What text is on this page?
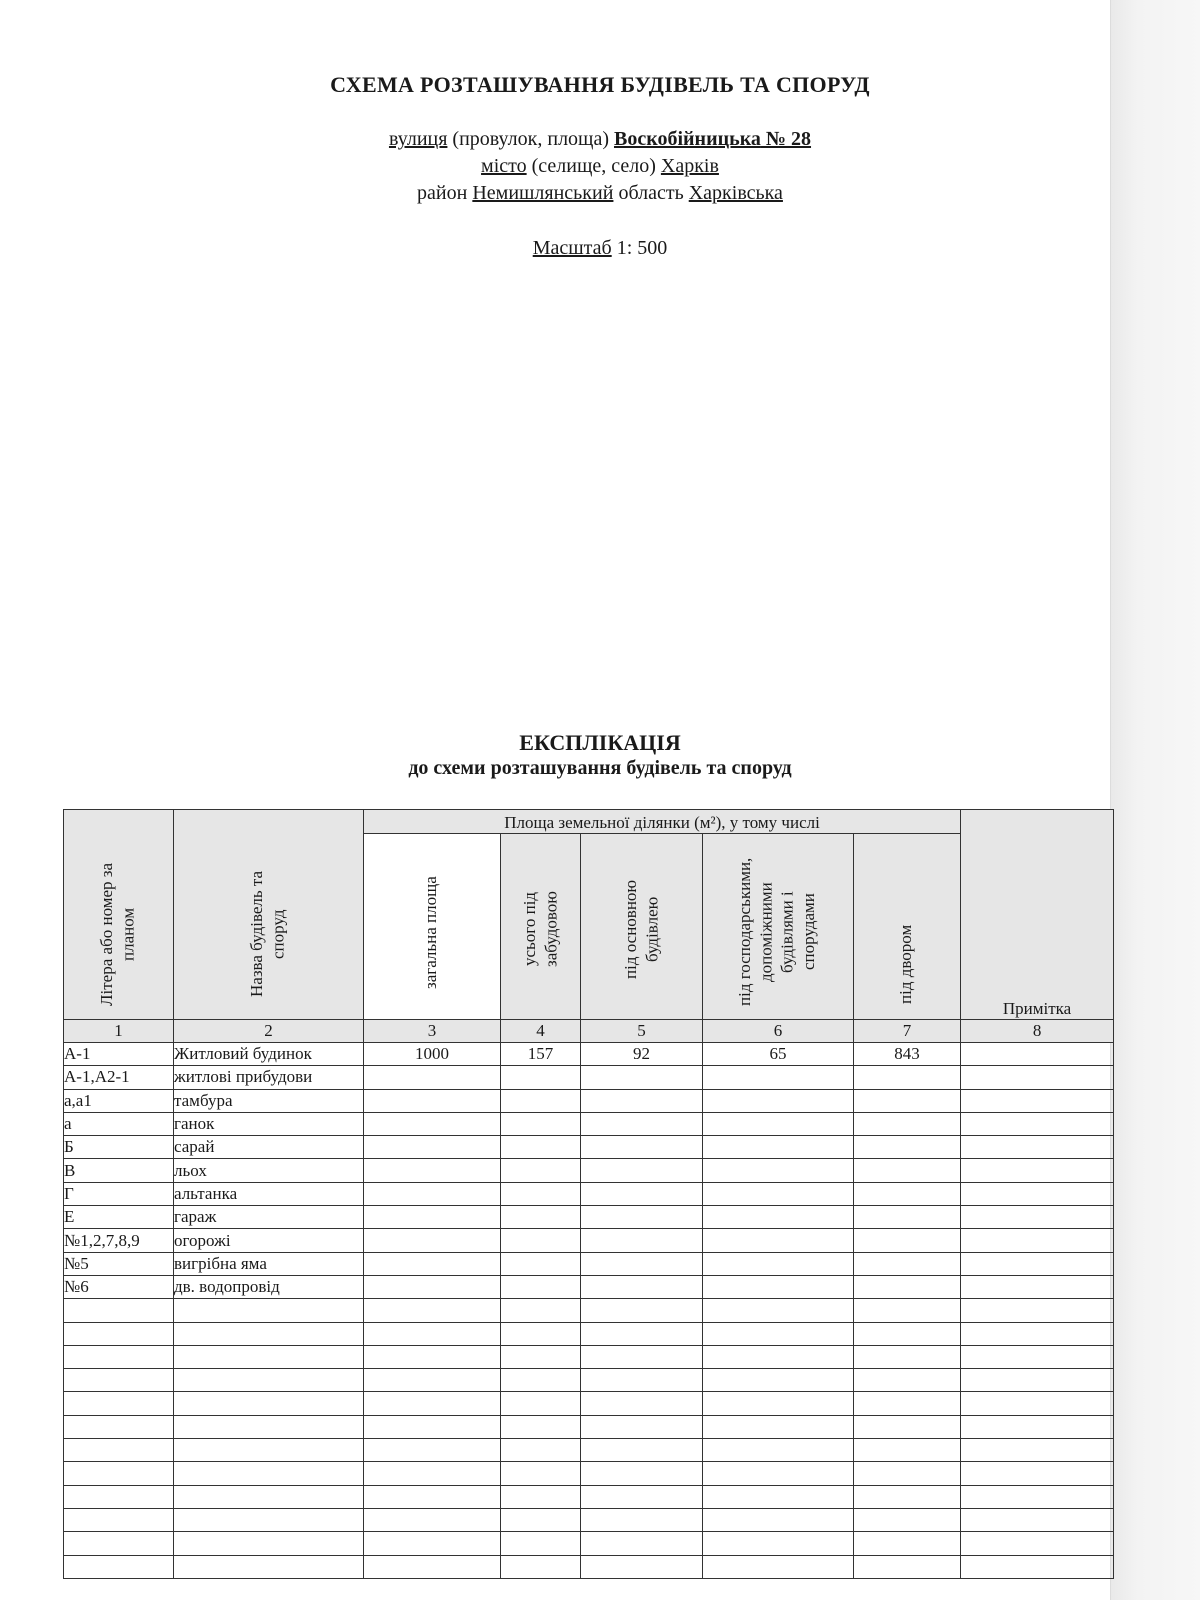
СХЕМА РОЗТАШУВАННЯ БУДІВЕЛЬ ТА СПОРУД
вулиця (провулок, площа) Воскобійницька № 28
місто (селище, село) Харків
район Немишлянський область Харківська
Масштаб 1: 500
ЕКСПЛІКАЦІЯ
до схеми розташування будівель та споруд
Літера або номер за планом	Назва будівель та споруд	Площа земельної ділянки (м²), у тому числі					Примітка

		загальна площа	усього під забудовою	під основною будівлею	під господарськими, допоміжними будівлями і спорудами	під двором	

1	2	3	4	5	6	7	8
А-1	Житловий будинок	1000	157	92	65	843	
А-1,А2-1	житлові прибудови						
а,а1	тамбура						
а	ганок						
Б	сарай						
В	льох						
Г	альтанка						
Е	гараж						
№1,2,7,8,9	огорожі						
№5	вигрібна яма						
№6	дв. водопровід						
